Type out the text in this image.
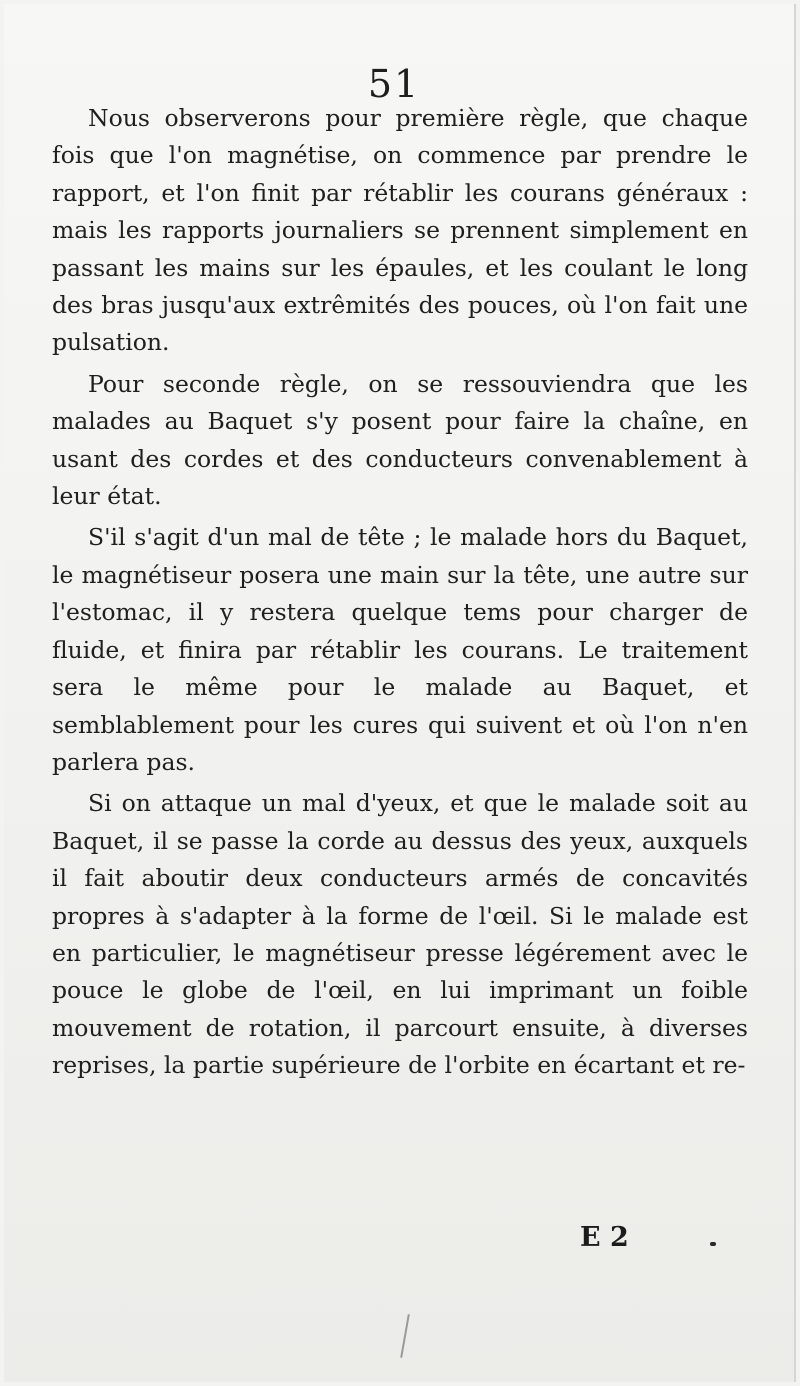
51

Nous observerons pour première règle, que chaque fois que l'on magnétise, on commence par prendre le rapport, et l'on finit par rétablir les courans généraux : mais les rapports journaliers se prennent simplement en passant les mains sur les épaules, et les coulant le long des bras jusqu'aux extrêmités des pouces, où l'on fait une pulsation.

Pour seconde règle, on se ressouviendra que les malades au Baquet s'y posent pour faire la chaîne, en usant des cordes et des conducteurs convenablement à leur état.

S'il s'agit d'un mal de tête ; le malade hors du Baquet, le magnétiseur posera une main sur la tête, une autre sur l'estomac, il y restera quelque tems pour charger de fluide, et finira par rétablir les courans. Le traitement sera le même pour le malade au Baquet, et semblablement pour les cures qui suivent et où l'on n'en parlera pas.

Si on attaque un mal d'yeux, et que le malade soit au Baquet, il se passe la corde au dessus des yeux, auxquels il fait aboutir deux conducteurs armés de concavités propres à s'adapter à la forme de l'œil. Si le malade est en particulier, le magnétiseur presse légérement avec le pouce le globe de l'œil, en lui imprimant un foible mouvement de rotation, il parcourt ensuite, à diverses reprises, la partie supérieure de l'orbite en écartant et re-

E 2
